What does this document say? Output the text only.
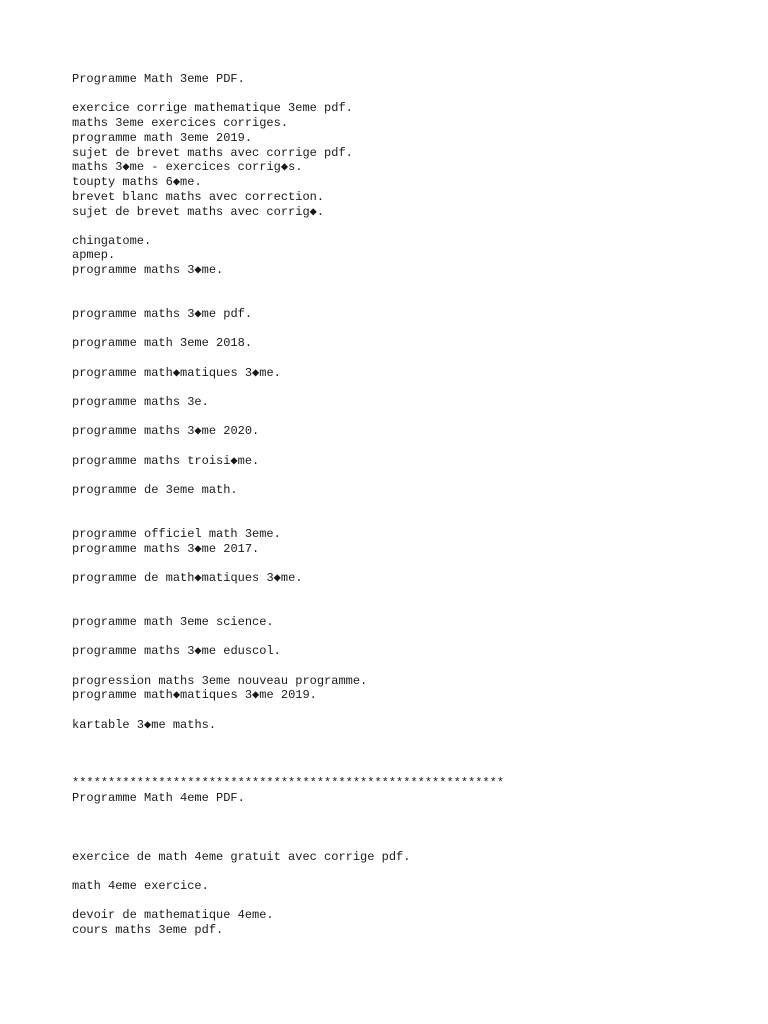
Programme Math 3eme PDF.

exercice corrige mathematique 3eme pdf.

maths 3eme exercices corriges.

programme math 3eme 2019.

sujet de brevet maths avec corrige pdf.

maths 3◆me - exercices corrig◆s.

toupty maths 6◆me.

brevet blanc maths avec correction.

sujet de brevet maths avec corrig◆.

chingatome.

apmep.

programme maths 3◆me.

programme maths 3◆me pdf.

programme math 3eme 2018.

programme math◆matiques 3◆me.

programme maths 3e.

programme maths 3◆me 2020.

programme maths troisi◆me.

programme de 3eme math.

programme officiel math 3eme.

programme maths 3◆me 2017.

programme de math◆matiques 3◆me.

programme math 3eme science.

programme maths 3◆me eduscol.

progression maths 3eme nouveau programme.

programme math◆matiques 3◆me 2019.

kartable 3◆me maths.

************************************************************

Programme Math 4eme PDF.

exercice de math 4eme gratuit avec corrige pdf.

math 4eme exercice.

devoir de mathematique 4eme.

cours maths 3eme pdf.
